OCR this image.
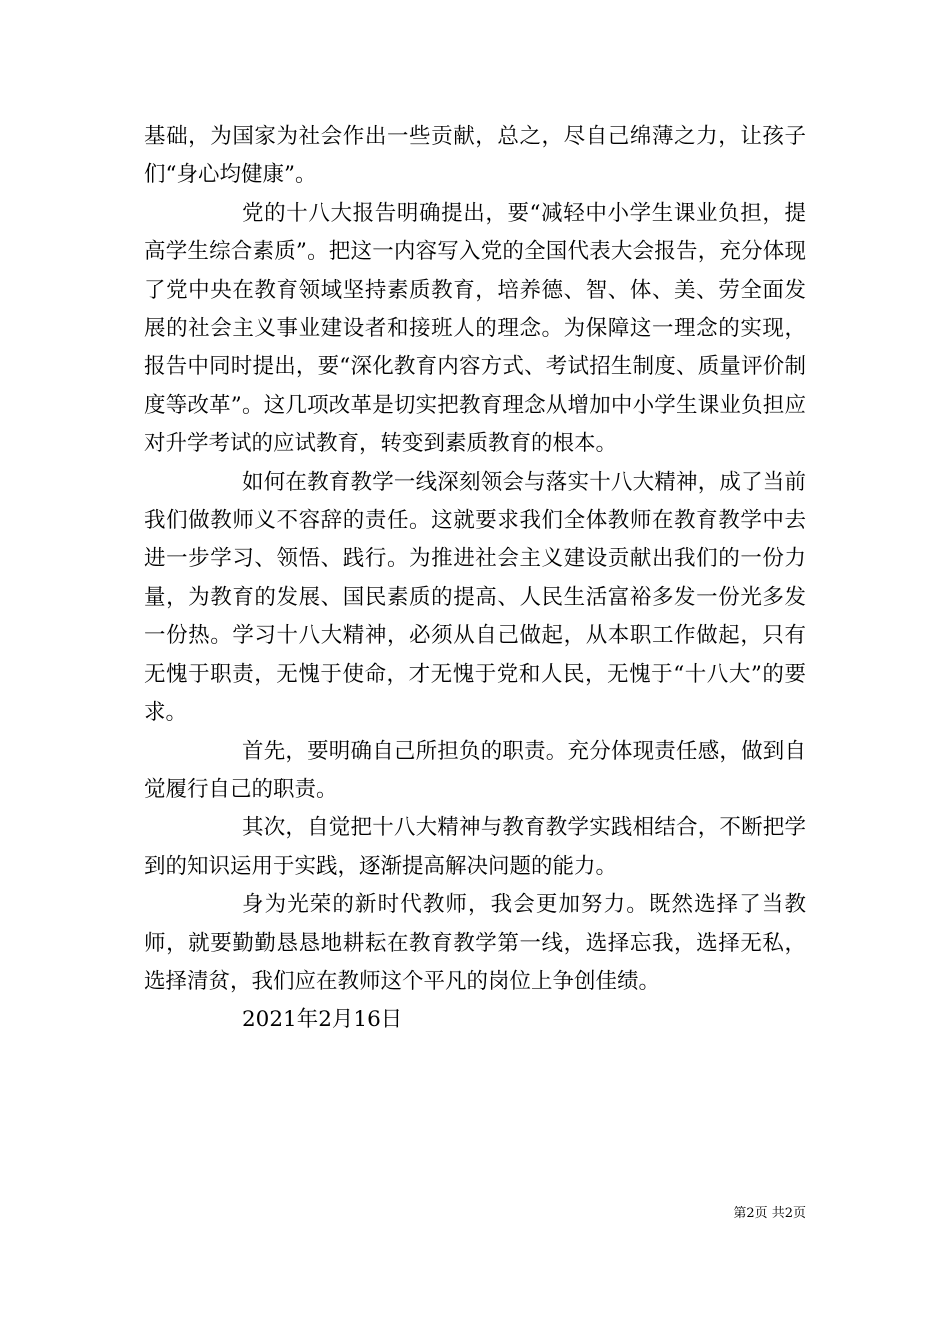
基础，为国家为社会作出一些贡献，总之，尽自己绵薄之力，让孩子们“身心均健康”。

党的十八大报告明确提出，要“减轻中小学生课业负担，提高学生综合素质”。把这一内容写入党的全国代表大会报告，充分体现了党中央在教育领域坚持素质教育，培养德、智、体、美、劳全面发展的社会主义事业建设者和接班人的理念。为保障这一理念的实现，报告中同时提出，要“深化教育内容方式、考试招生制度、质量评价制度等改革”。这几项改革是切实把教育理念从增加中小学生课业负担应对升学考试的应试教育，转变到素质教育的根本。

如何在教育教学一线深刻领会与落实十八大精神，成了当前我们做教师义不容辞的责任。这就要求我们全体教师在教育教学中去进一步学习、领悟、践行。为推进社会主义建设贡献出我们的一份力量，为教育的发展、国民素质的提高、人民生活富裕多发一份光多发一份热。学习十八大精神，必须从自己做起，从本职工作做起，只有无愧于职责，无愧于使命，才无愧于党和人民，无愧于“十八大”的要求。

首先，要明确自己所担负的职责。充分体现责任感，做到自觉履行自己的职责。

其次，自觉把十八大精神与教育教学实践相结合，不断把学到的知识运用于实践，逐渐提高解决问题的能力。

身为光荣的新时代教师，我会更加努力。既然选择了当教师，就要勤勤恳恳地耕耘在教育教学第一线，选择忘我，选择无私，选择清贫，我们应在教师这个平凡的岗位上争创佳绩。

2021年2月16日

第2页 共2页
